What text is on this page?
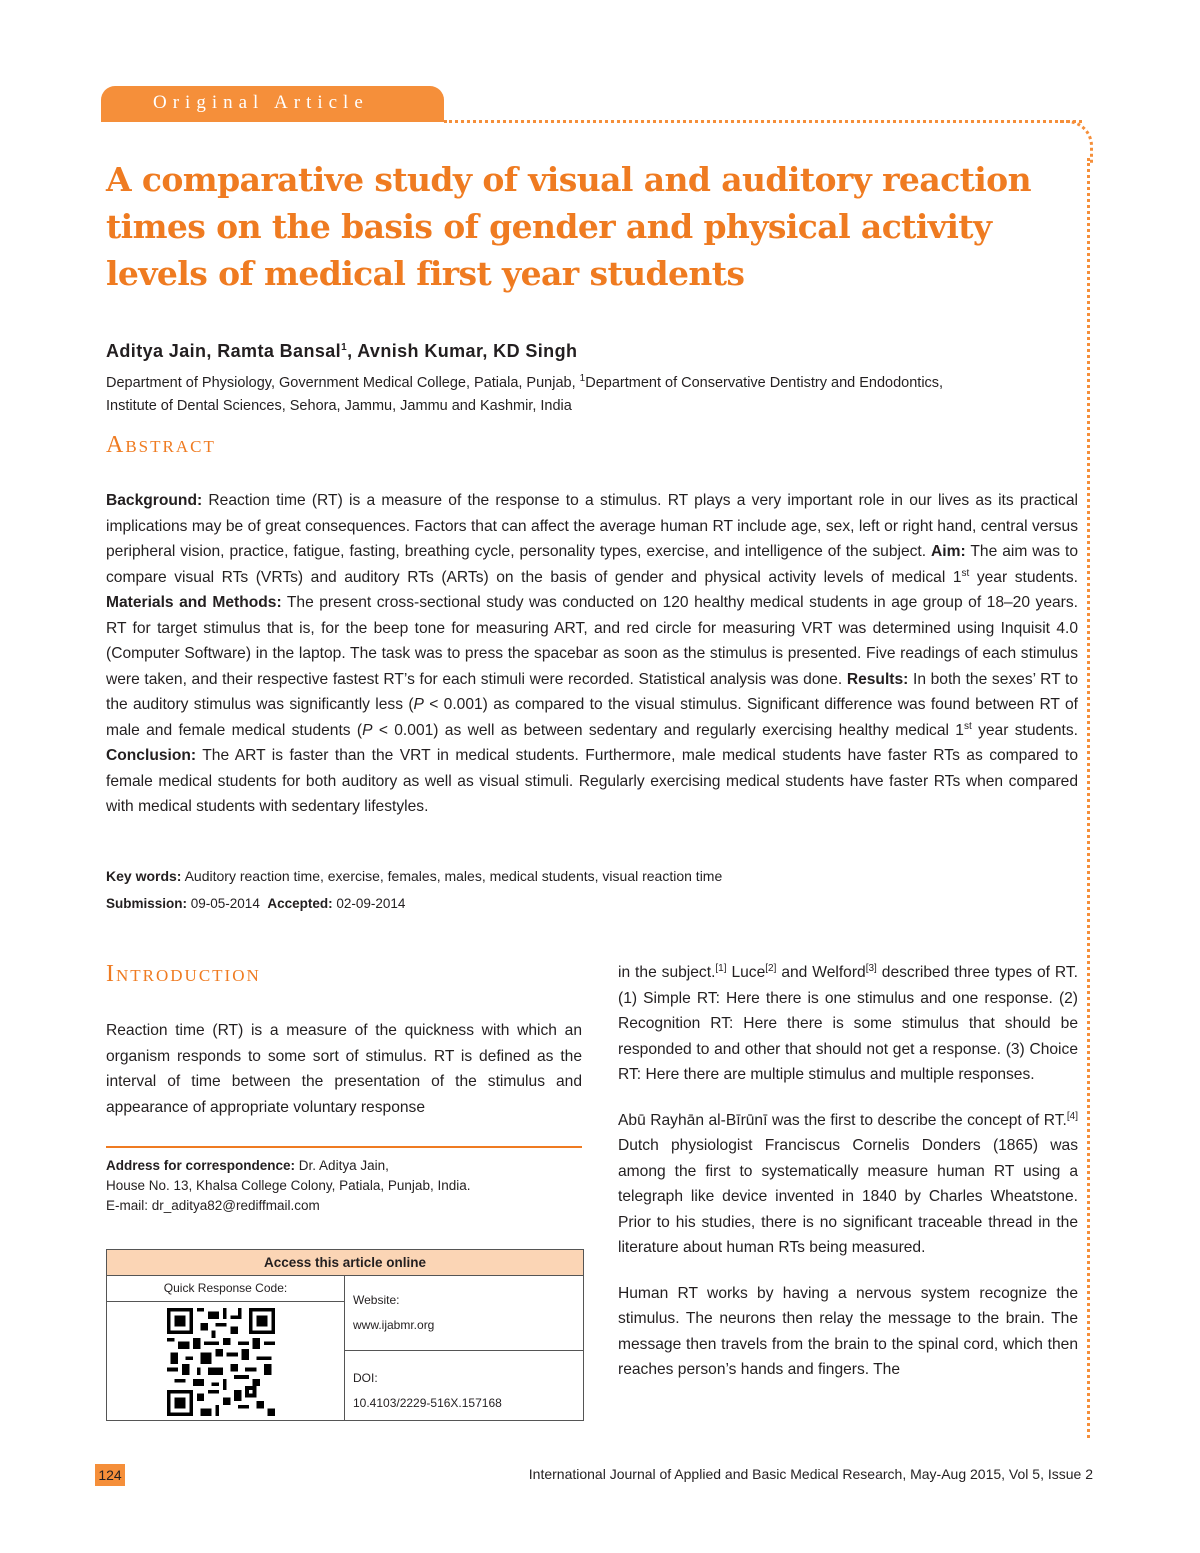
Original Article
A comparative study of visual and auditory reaction times on the basis of gender and physical activity levels of medical first year students
Aditya Jain, Ramta Bansal$^1$, Avnish Kumar, KD Singh
Department of Physiology, Government Medical College, Patiala, Punjab, $^1$Department of Conservative Dentistry and Endodontics,
Institute of Dental Sciences, Sehora, Jammu, Jammu and Kashmir, India
Abstract
Background: Reaction time (RT) is a measure of the response to a stimulus. RT plays a very important role in our lives as its practical implications may be of great consequences. Factors that can affect the average human RT include age, sex, left or right hand, central versus peripheral vision, practice, fatigue, fasting, breathing cycle, personality types, exercise, and intelligence of the subject. Aim: The aim was to compare visual RTs (VRTs) and auditory RTs (ARTs) on the basis of gender and physical activity levels of medical 1st year students. Materials and Methods: The present cross-sectional study was conducted on 120 healthy medical students in age group of 18–20 years. RT for target stimulus that is, for the beep tone for measuring ART, and red circle for measuring VRT was determined using Inquisit 4.0 (Computer Software) in the laptop. The task was to press the spacebar as soon as the stimulus is presented. Five readings of each stimulus were taken, and their respective fastest RT’s for each stimuli were recorded. Statistical analysis was done. Results: In both the sexes’ RT to the auditory stimulus was significantly less (P < 0.001) as compared to the visual stimulus. Significant difference was found between RT of male and female medical students (P < 0.001) as well as between sedentary and regularly exercising healthy medical 1st year students. Conclusion: The ART is faster than the VRT in medical students. Furthermore, male medical students have faster RTs as compared to female medical students for both auditory as well as visual stimuli. Regularly exercising medical students have faster RTs when compared with medical students with sedentary lifestyles.
Key words: Auditory reaction time, exercise, females, males, medical students, visual reaction time
Submission: 09-05-2014 Accepted: 02-09-2014
Introduction
Reaction time (RT) is a measure of the quickness with which an organism responds to some sort of stimulus. RT is defined as the interval of time between the presentation of the stimulus and appearance of appropriate voluntary response
Address for correspondence: Dr. Aditya Jain,
House No. 13, Khalsa College Colony, Patiala, Punjab, India.
E-mail: dr_aditya82@rediffmail.com
Access this article online
Quick Response Code:
Website:
www.ijabmr.org
DOI:
10.4103/2229-516X.157168

in the subject.[1] Luce[2] and Welford[3] described three types of RT. (1) Simple RT: Here there is one stimulus and one response. (2) Recognition RT: Here there is some stimulus that should be responded to and other that should not get a response. (3) Choice RT: Here there are multiple stimulus and multiple responses.

Abū Rayhān al-Bīrūnī was the first to describe the concept of RT.[4] Dutch physiologist Franciscus Cornelis Donders (1865) was among the first to systematically measure human RT using a telegraph like device invented in 1840 by Charles Wheatstone. Prior to his studies, there is no significant traceable thread in the literature about human RTs being measured.

Human RT works by having a nervous system recognize the stimulus. The neurons then relay the message to the brain. The message then travels from the brain to the spinal cord, which then reaches person’s hands and fingers. The

124	International Journal of Applied and Basic Medical Research, May-Aug 2015, Vol 5, Issue 2
